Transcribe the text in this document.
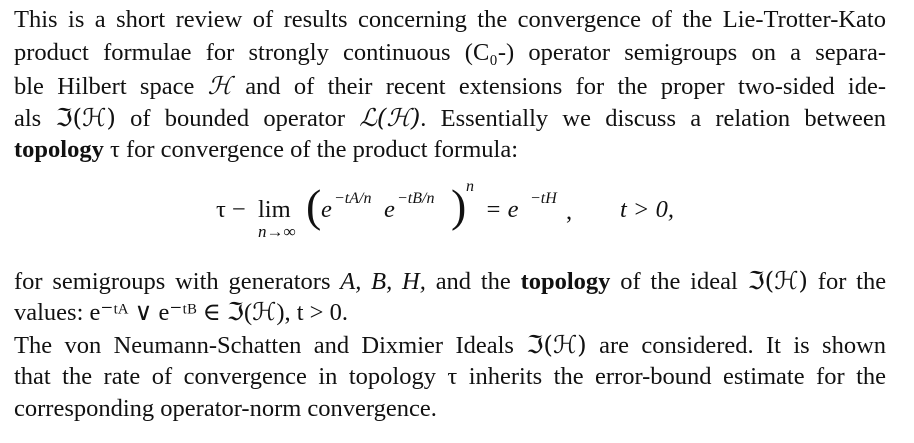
This is a short review of results concerning the convergence of the Lie-Trotter-Kato
product formulae for strongly continuous (C₀-) operator semigroups on a separa-
ble Hilbert space ℋ and of their recent extensions for the proper two-sided ide-
als ℑ(ℋ) of bounded operator ℒ(ℋ). Essentially we discuss a relation between
topology τ for convergence of the product formula:
τ − lim
n→∞
( e −tA/n e −tB/n ) n
= e −tH , t > 0,
for semigroups with generators A, B, H, and the topology of the ideal ℑ(ℋ) for the
values: e⁻ᵗᴬ ∨ e⁻ᵗᴮ ∈ ℑ(ℋ), t > 0.
The von Neumann-Schatten and Dixmier Ideals ℑ(ℋ) are considered. It is shown
that the rate of convergence in topology τ inherits the error-bound estimate for the
corresponding operator-norm convergence.
